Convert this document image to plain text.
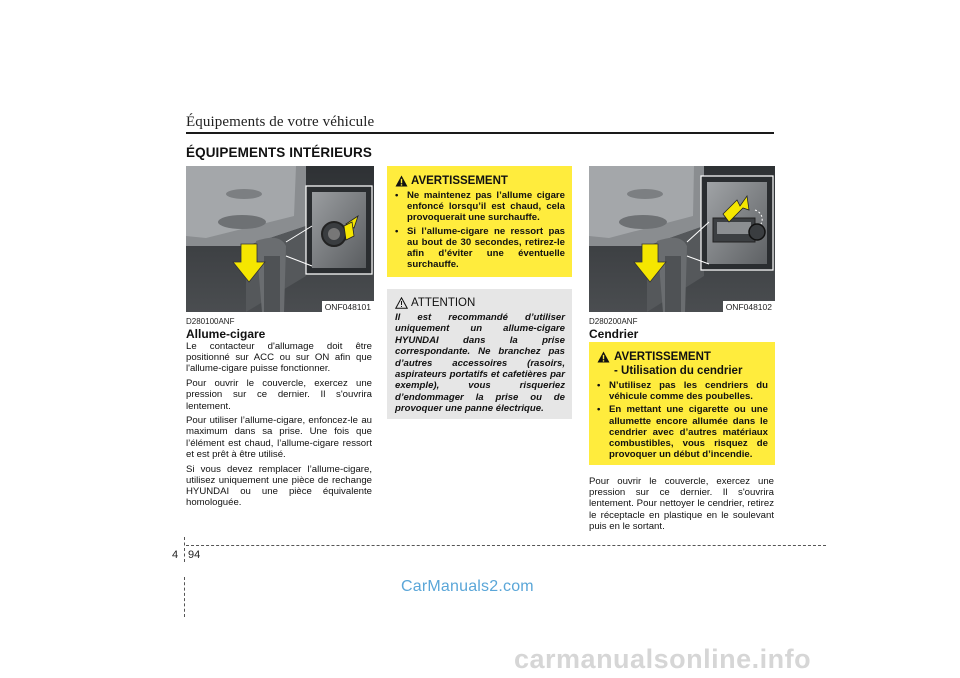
Équipements de votre véhicule
ÉQUIPEMENTS INTÉRIEURS
ONF048101
D280100ANF
Allume-cigare

Le contacteur d'allumage doit être positionné sur ACC ou sur ON afin que l'allume-cigare puisse fonctionner.

Pour ouvrir le couvercle, exercez une pression sur ce dernier. Il s'ouvrira lentement.

Pour utiliser l’allume-cigare, enfoncez-le au maximum dans sa prise. Une fois que l’élément est chaud, l’allume-cigare ressort et est prêt à être utilisé.

Si vous devez remplacer l’allume-cigare, utilisez uniquement une pièce de rechange HYUNDAI ou une pièce équivalente homologuée.

AVERTISSEMENT
• Ne maintenez pas l’allume cigare enfoncé lorsqu’il est chaud, cela provoquerait une surchauffe.
• Si l’allume-cigare ne ressort pas au bout de 30 secondes, retirez-le afin d’éviter une éventuelle surchauffe.
ATTENTION
Il est recommandé d’utiliser uniquement un allume-cigare HYUNDAI dans la prise correspondante. Ne branchez pas d’autres accessoires (rasoirs, aspirateurs portatifs et cafetières par exemple), vous risqueriez d’endommager la prise ou de provoquer une panne électrique.
ONF048102
D280200ANF
Cendrier
AVERTISSEMENT
- Utilisation du cendrier
• N’utilisez pas les cendriers du véhicule comme des poubelles.
• En mettant une cigarette ou une allumette encore allumée dans le cendrier avec d’autres matériaux combustibles, vous risquez de provoquer un début d’incendie.

Pour ouvrir le couvercle, exercez une pression sur ce dernier. Il s'ouvrira lentement. Pour nettoyer le cendrier, retirez le réceptacle en plastique en le soulevant puis en le sortant.

4 94
CarManuals2.com
carmanualsonline.info
